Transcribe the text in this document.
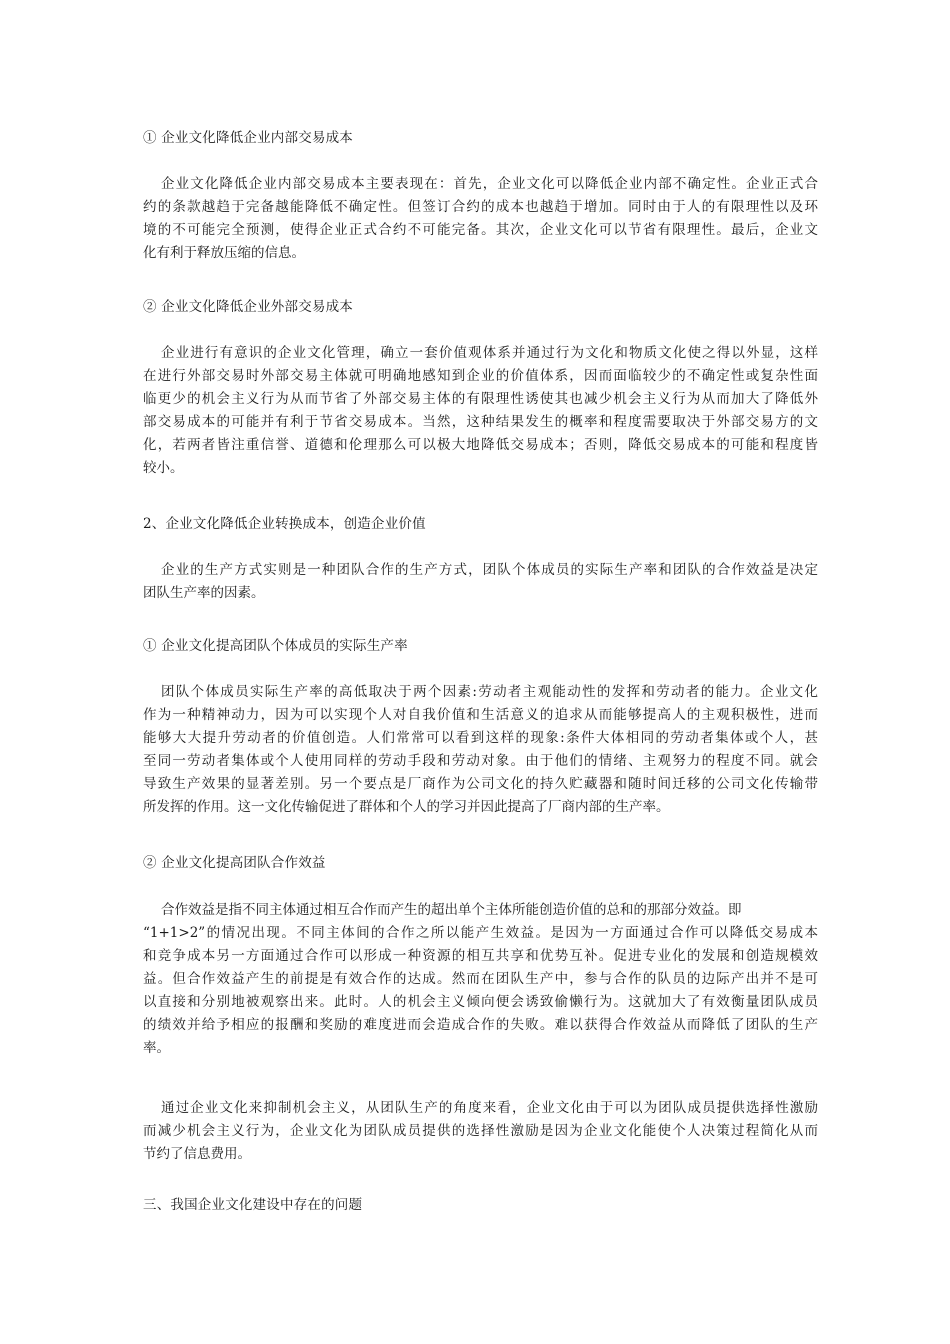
① 企业文化降低企业内部交易成本
企业文化降低企业内部交易成本主要表现在：首先，企业文化可以降低企业内部不确定性。企业正式合
约的条款越趋于完备越能降低不确定性。但签订合约的成本也越趋于增加。同时由于人的有限理性以及环
境的不可能完全预测，使得企业正式合约不可能完备。其次，企业文化可以节省有限理性。最后，企业文
化有利于释放压缩的信息。
② 企业文化降低企业外部交易成本
企业进行有意识的企业文化管理，确立一套价值观体系并通过行为文化和物质文化使之得以外显，这样
在进行外部交易时外部交易主体就可明确地感知到企业的价值体系，因而面临较少的不确定性或复杂性面
临更少的机会主义行为从而节省了外部交易主体的有限理性诱使其也减少机会主义行为从而加大了降低外
部交易成本的可能并有利于节省交易成本。当然，这种结果发生的概率和程度需要取决于外部交易方的文
化，若两者皆注重信誉、道德和伦理那么可以极大地降低交易成本；否则，降低交易成本的可能和程度皆
较小。
2、企业文化降低企业转换成本，创造企业价值
企业的生产方式实则是一种团队合作的生产方式，团队个体成员的实际生产率和团队的合作效益是决定
团队生产率的因素。
① 企业文化提高团队个体成员的实际生产率
团队个体成员实际生产率的高低取决于两个因素:劳动者主观能动性的发挥和劳动者的能力。企业文化
作为一种精神动力，因为可以实现个人对自我价值和生活意义的追求从而能够提高人的主观积极性，进而
能够大大提升劳动者的价值创造。人们常常可以看到这样的现象:条件大体相同的劳动者集体或个人，甚
至同一劳动者集体或个人使用同样的劳动手段和劳动对象。由于他们的情绪、主观努力的程度不同。就会
导致生产效果的显著差别。另一个要点是厂商作为公司文化的持久贮藏器和随时间迁移的公司文化传输带
所发挥的作用。这一文化传输促进了群体和个人的学习并因此提高了厂商内部的生产率。
② 企业文化提高团队合作效益
合作效益是指不同主体通过相互合作而产生的超出单个主体所能创造价值的总和的那部分效益。即
“1+1>2”的情况出现。不同主体间的合作之所以能产生效益。是因为一方面通过合作可以降低交易成本
和竞争成本另一方面通过合作可以形成一种资源的相互共享和优势互补。促进专业化的发展和创造规模效
益。但合作效益产生的前提是有效合作的达成。然而在团队生产中，参与合作的队员的边际产出并不是可
以直接和分别地被观察出来。此时。人的机会主义倾向便会诱致偷懒行为。这就加大了有效衡量团队成员
的绩效并给予相应的报酬和奖励的难度进而会造成合作的失败。难以获得合作效益从而降低了团队的生产
率。
通过企业文化来抑制机会主义，从团队生产的角度来看，企业文化由于可以为团队成员提供选择性激励
而减少机会主义行为，企业文化为团队成员提供的选择性激励是因为企业文化能使个人决策过程简化从而
节约了信息费用。
三、我国企业文化建设中存在的问题
